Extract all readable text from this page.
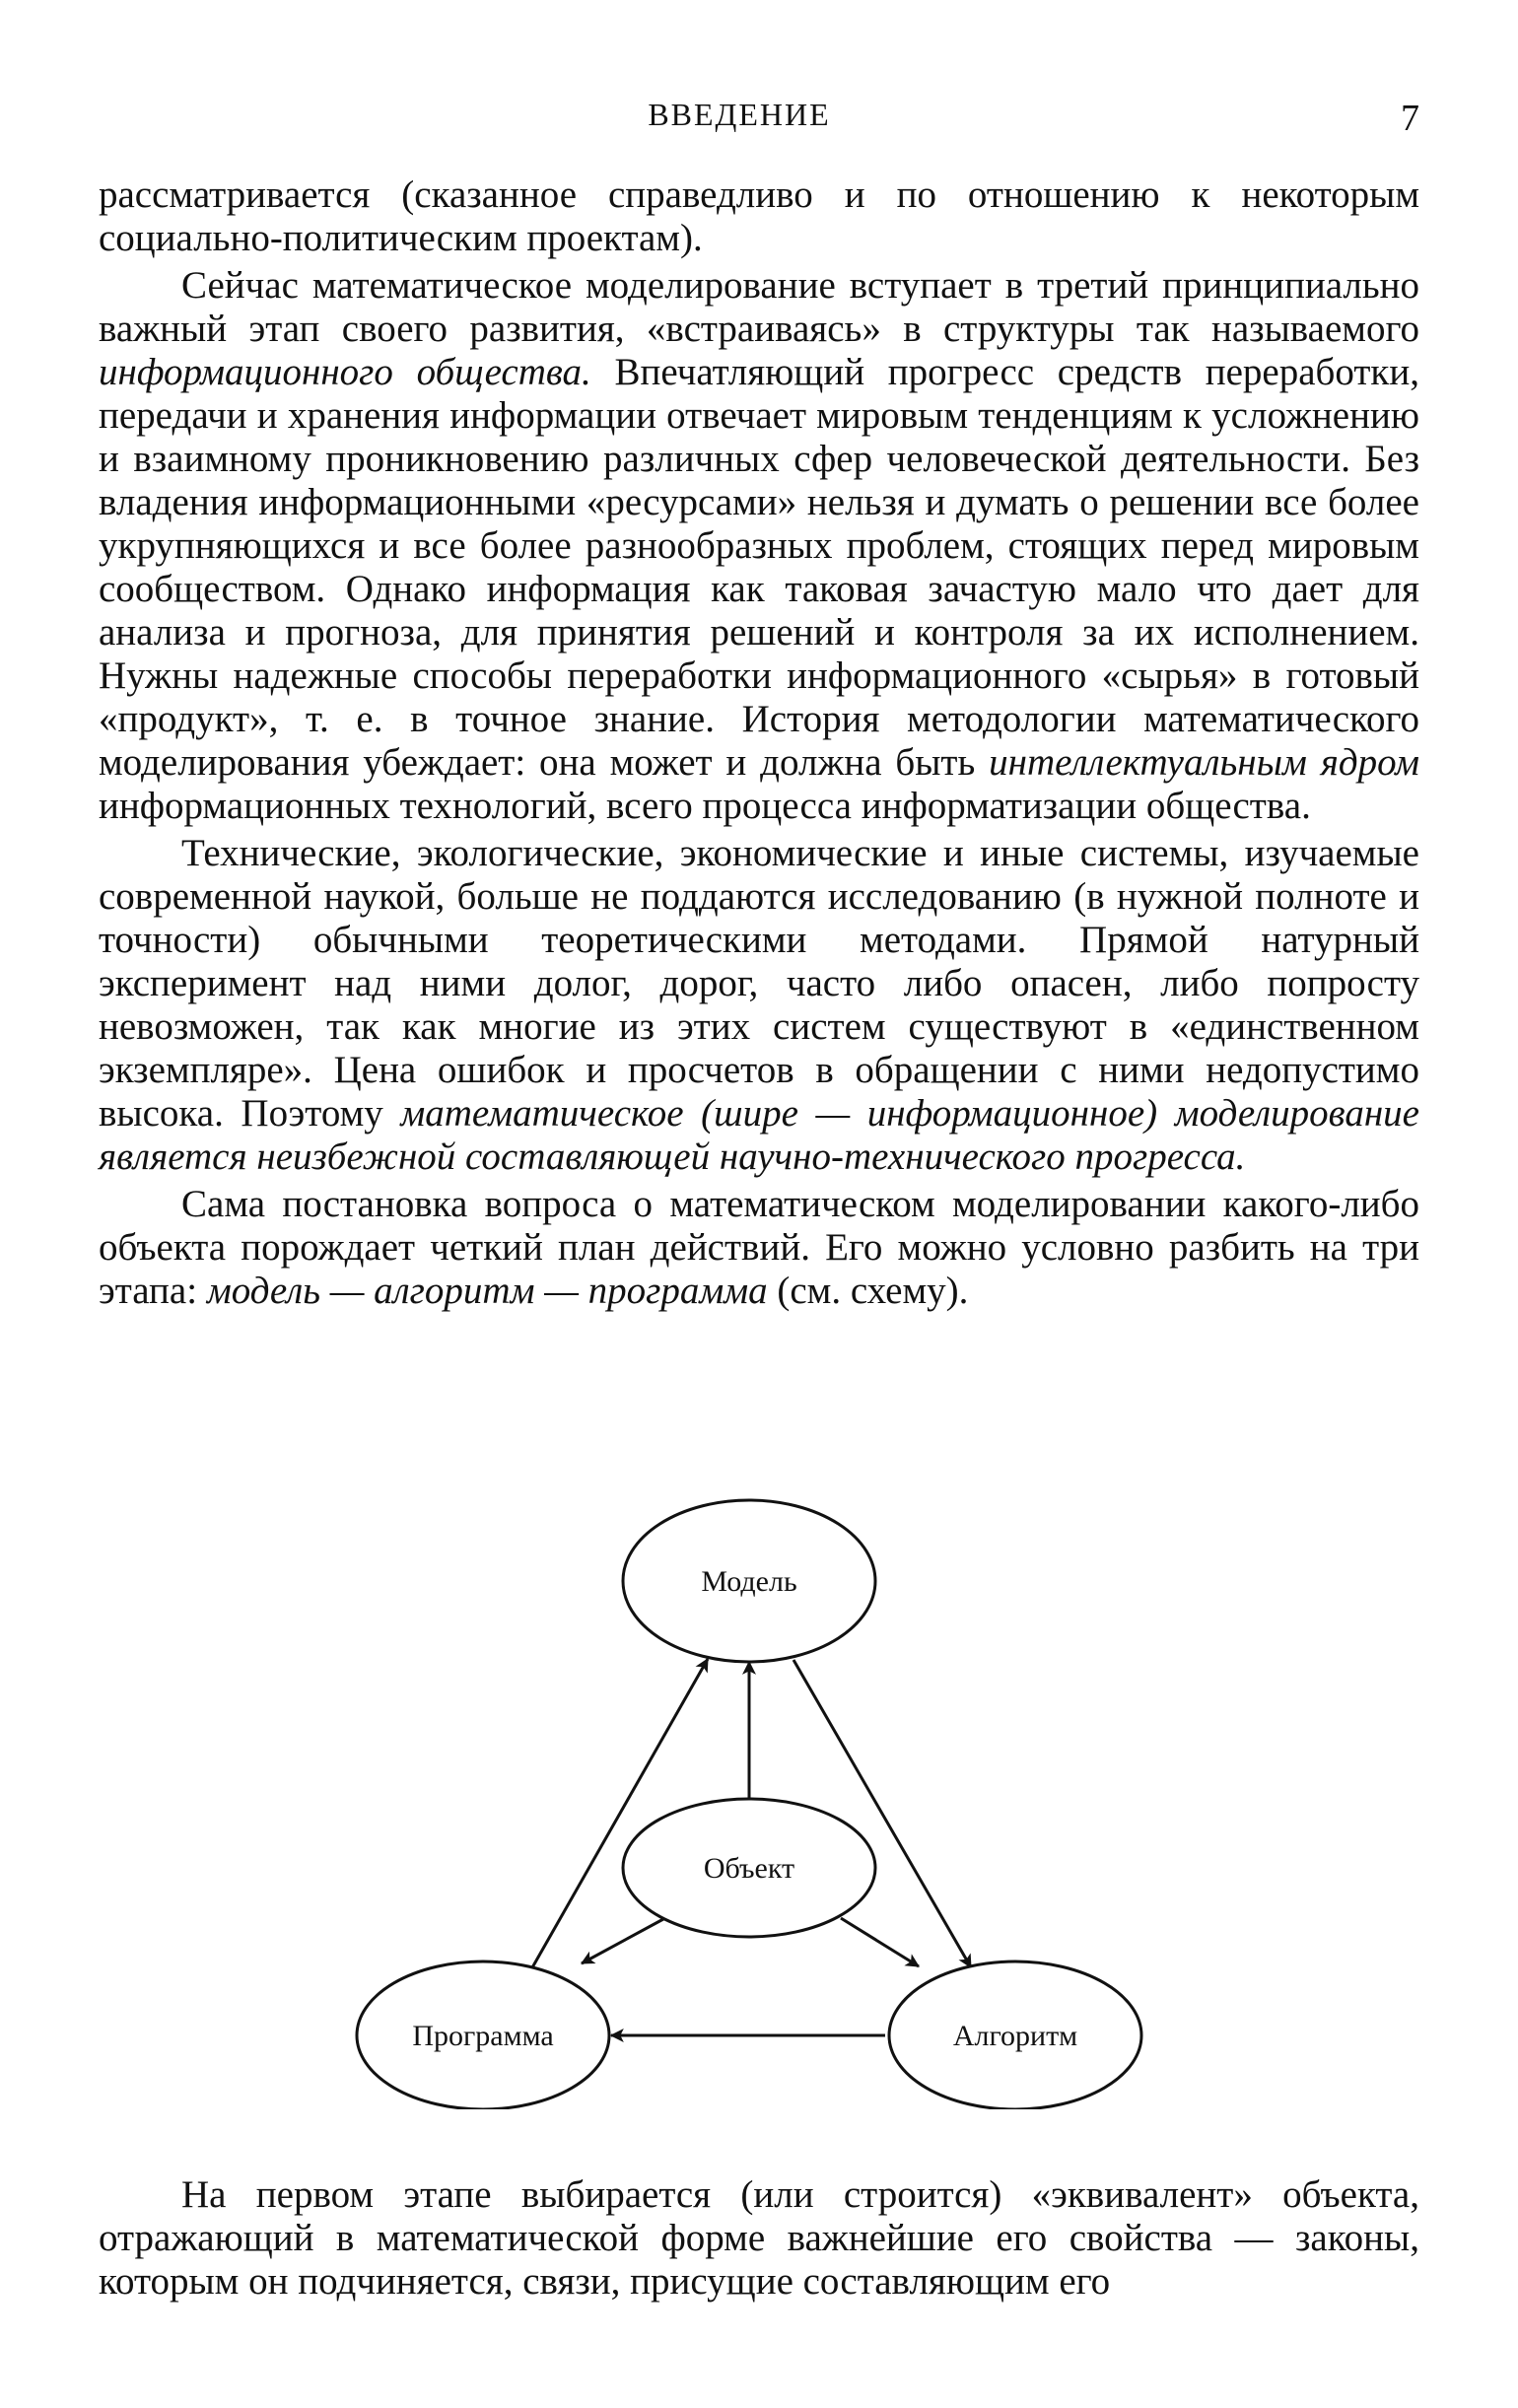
ВВЕДЕНИЕ	7

рассматривается (сказанное справедливо и по отношению к некоторым социально-политическим проектам).

Сейчас математическое моделирование вступает в третий принципиально важный этап своего развития, «встраиваясь» в структуры так называемого информационного общества. Впечатляющий прогресс средств переработки, передачи и хранения информации отвечает мировым тенденциям к усложнению и взаимному проникновению различных сфер человеческой деятельности. Без владения информационными «ресурсами» нельзя и думать о решении все более укрупняющихся и все более разнообразных проблем, стоящих перед мировым сообществом. Однако информация как таковая зачастую мало что дает для анализа и прогноза, для принятия решений и контроля за их исполнением. Нужны надежные способы переработки информационного «сырья» в готовый «продукт», т. е. в точное знание. История методологии математического моделирования убеждает: она может и должна быть интеллектуальным ядром информационных технологий, всего процесса информатизации общества.

Технические, экологические, экономические и иные системы, изучаемые современной наукой, больше не поддаются исследованию (в нужной полноте и точности) обычными теоретическими методами. Прямой натурный эксперимент над ними долог, дорог, часто либо опасен, либо попросту невозможен, так как многие из этих систем существуют в «единственном экземпляре». Цена ошибок и просчетов в обращении с ними недопустимо высока. Поэтому математическое (шире — информационное) моделирование является неизбежной составляющей научно-технического прогресса.

Сама постановка вопроса о математическом моделировании какого-либо объекта порождает четкий план действий. Его можно условно разбить на три этапа: модель — алгоритм — программа (см. схему).

Модель
Объект
Программа	Алгоритм

На первом этапе выбирается (или строится) «эквивалент» объекта, отражающий в математической форме важнейшие его свойства — законы, которым он подчиняется, связи, присущие составляющим его
